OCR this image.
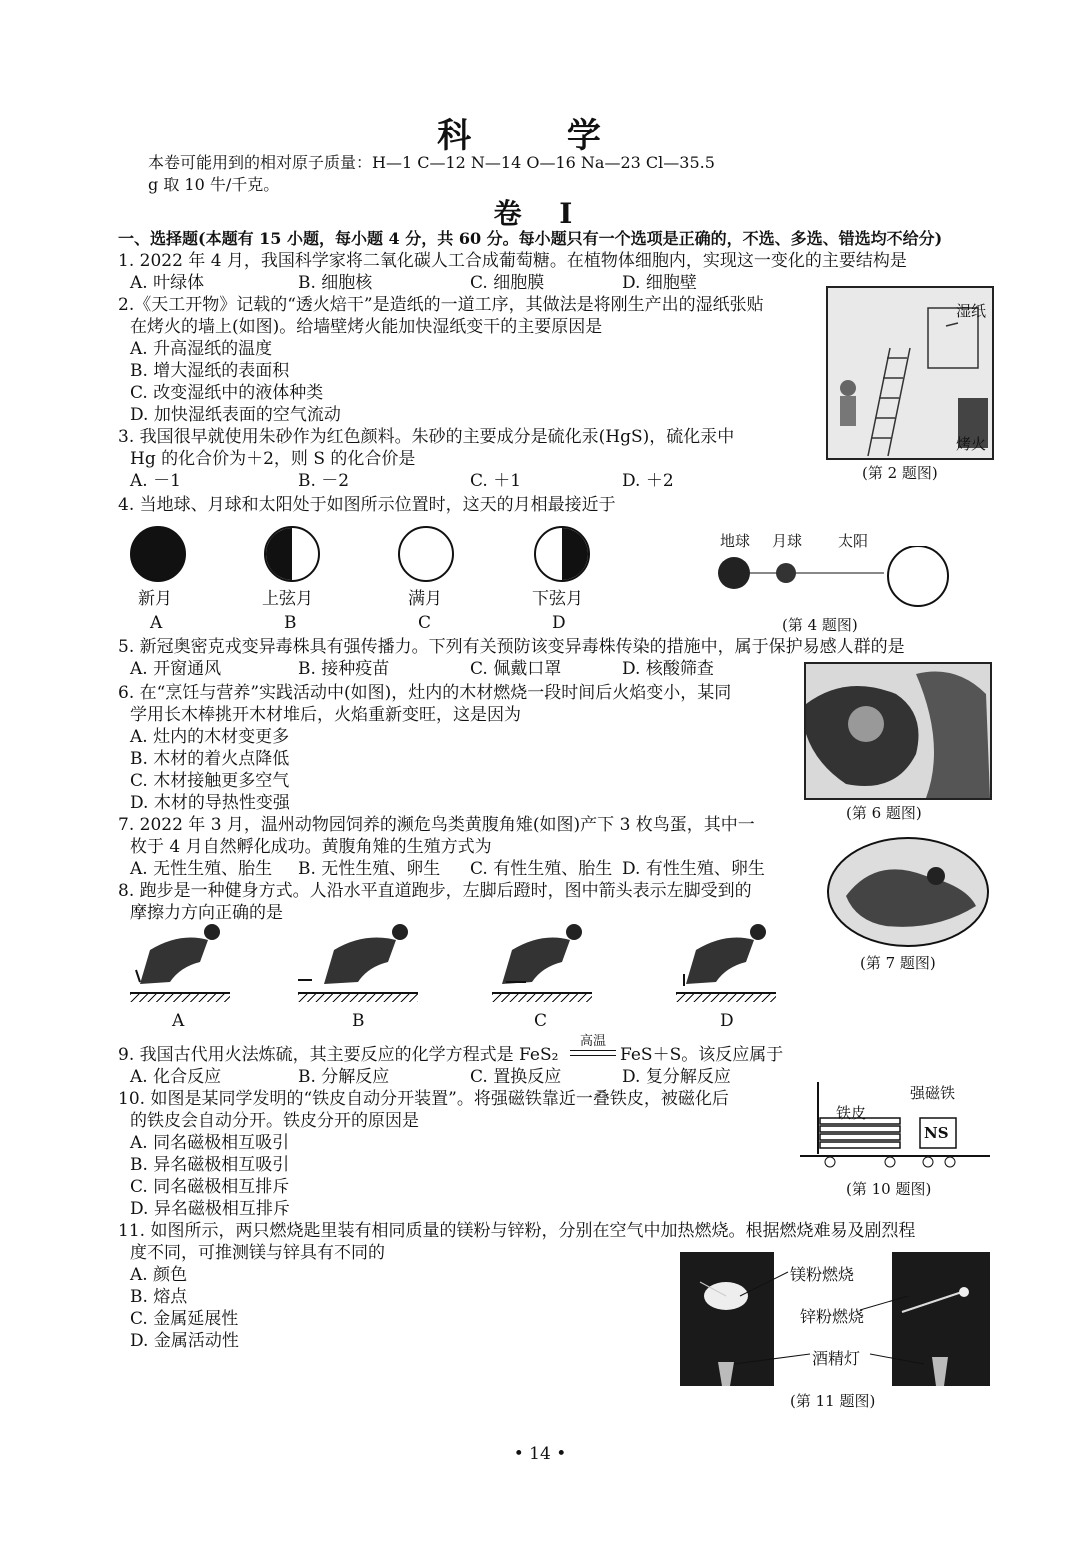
科 学
本卷可能用到的相对原子质量：H—1 C—12 N—14 O—16 Na—23 Cl—35.5
g 取 10 牛/千克。
卷 Ⅰ
一、选择题(本题有 15 小题，每小题 4 分，共 60 分。每小题只有一个选项是正确的，不选、多选、错选均不给分)
1. 2022 年 4 月，我国科学家将二氧化碳人工合成葡萄糖。在植物体细胞内，实现这一变化的主要结构是
A. 叶绿体	B. 细胞核	C. 细胞膜	D. 细胞壁
2.《天工开物》记载的“透火焙干”是造纸的一道工序，其做法是将刚生产出的湿纸张贴
在烤火的墙上(如图)。给墙壁烤火能加快湿纸变干的主要原因是
A. 升高湿纸的温度
B. 增大湿纸的表面积
C. 改变湿纸中的液体种类
D. 加快湿纸表面的空气流动
湿纸
烤火
(第 2 题图)
3. 我国很早就使用朱砂作为红色颜料。朱砂的主要成分是硫化汞(HgS)，硫化汞中
Hg 的化合价为＋2，则 S 的化合价是
A. －1	B. －2	C. ＋1	D. ＋2
4. 当地球、月球和太阳处于如图所示位置时，这天的月相最接近于
新月
A
上弦月
B
满月
C
下弦月
D
地球 月球 太阳
(第 4 题图)
5. 新冠奥密克戎变异毒株具有强传播力。下列有关预防该变异毒株传染的措施中，属于保护易感人群的是
A. 开窗通风	B. 接种疫苗	C. 佩戴口罩	D. 核酸筛查
6. 在“烹饪与营养”实践活动中(如图)，灶内的木材燃烧一段时间后火焰变小，某同
学用长木棒挑开木材堆后，火焰重新变旺，这是因为
A. 灶内的木材变更多
B. 木材的着火点降低
C. 木材接触更多空气
D. 木材的导热性变强	(第 6 题图)
7. 2022 年 3 月，温州动物园饲养的濒危鸟类黄腹角雉(如图)产下 3 枚鸟蛋，其中一
枚于 4 月自然孵化成功。黄腹角雉的生殖方式为
A. 无性生殖、胎生 B. 无性生殖、卵生 C. 有性生殖、胎生 D. 有性生殖、卵生
(第 7 题图)
8. 跑步是一种健身方式。人沿水平直道跑步，左脚后蹬时，图中箭头表示左脚受到的
摩擦力方向正确的是
A	B	C	D
9. 我国古代用火法炼硫，其主要反应的化学方程式是 FeS₂
高温
FeS＋S。该反应属于
A. 化合反应	B. 分解反应	C. 置换反应	D. 复分解反应
10. 如图是某同学发明的“铁皮自动分开装置”。将强磁铁靠近一叠铁皮，被磁化后
的铁皮会自动分开。铁皮分开的原因是
A. 同名磁极相互吸引
B. 异名磁极相互吸引
C. 同名磁极相互排斥
D. 异名磁极相互排斥
铁皮
强磁铁
NS
(第 10 题图)
11. 如图所示，两只燃烧匙里装有相同质量的镁粉与锌粉，分别在空气中加热燃烧。根据燃烧难易及剧烈程
度不同，可推测镁与锌具有不同的
A. 颜色
B. 熔点
C. 金属延展性
D. 金属活动性
镁粉燃烧
锌粉燃烧
酒精灯
(第 11 题图)
• 14 •
